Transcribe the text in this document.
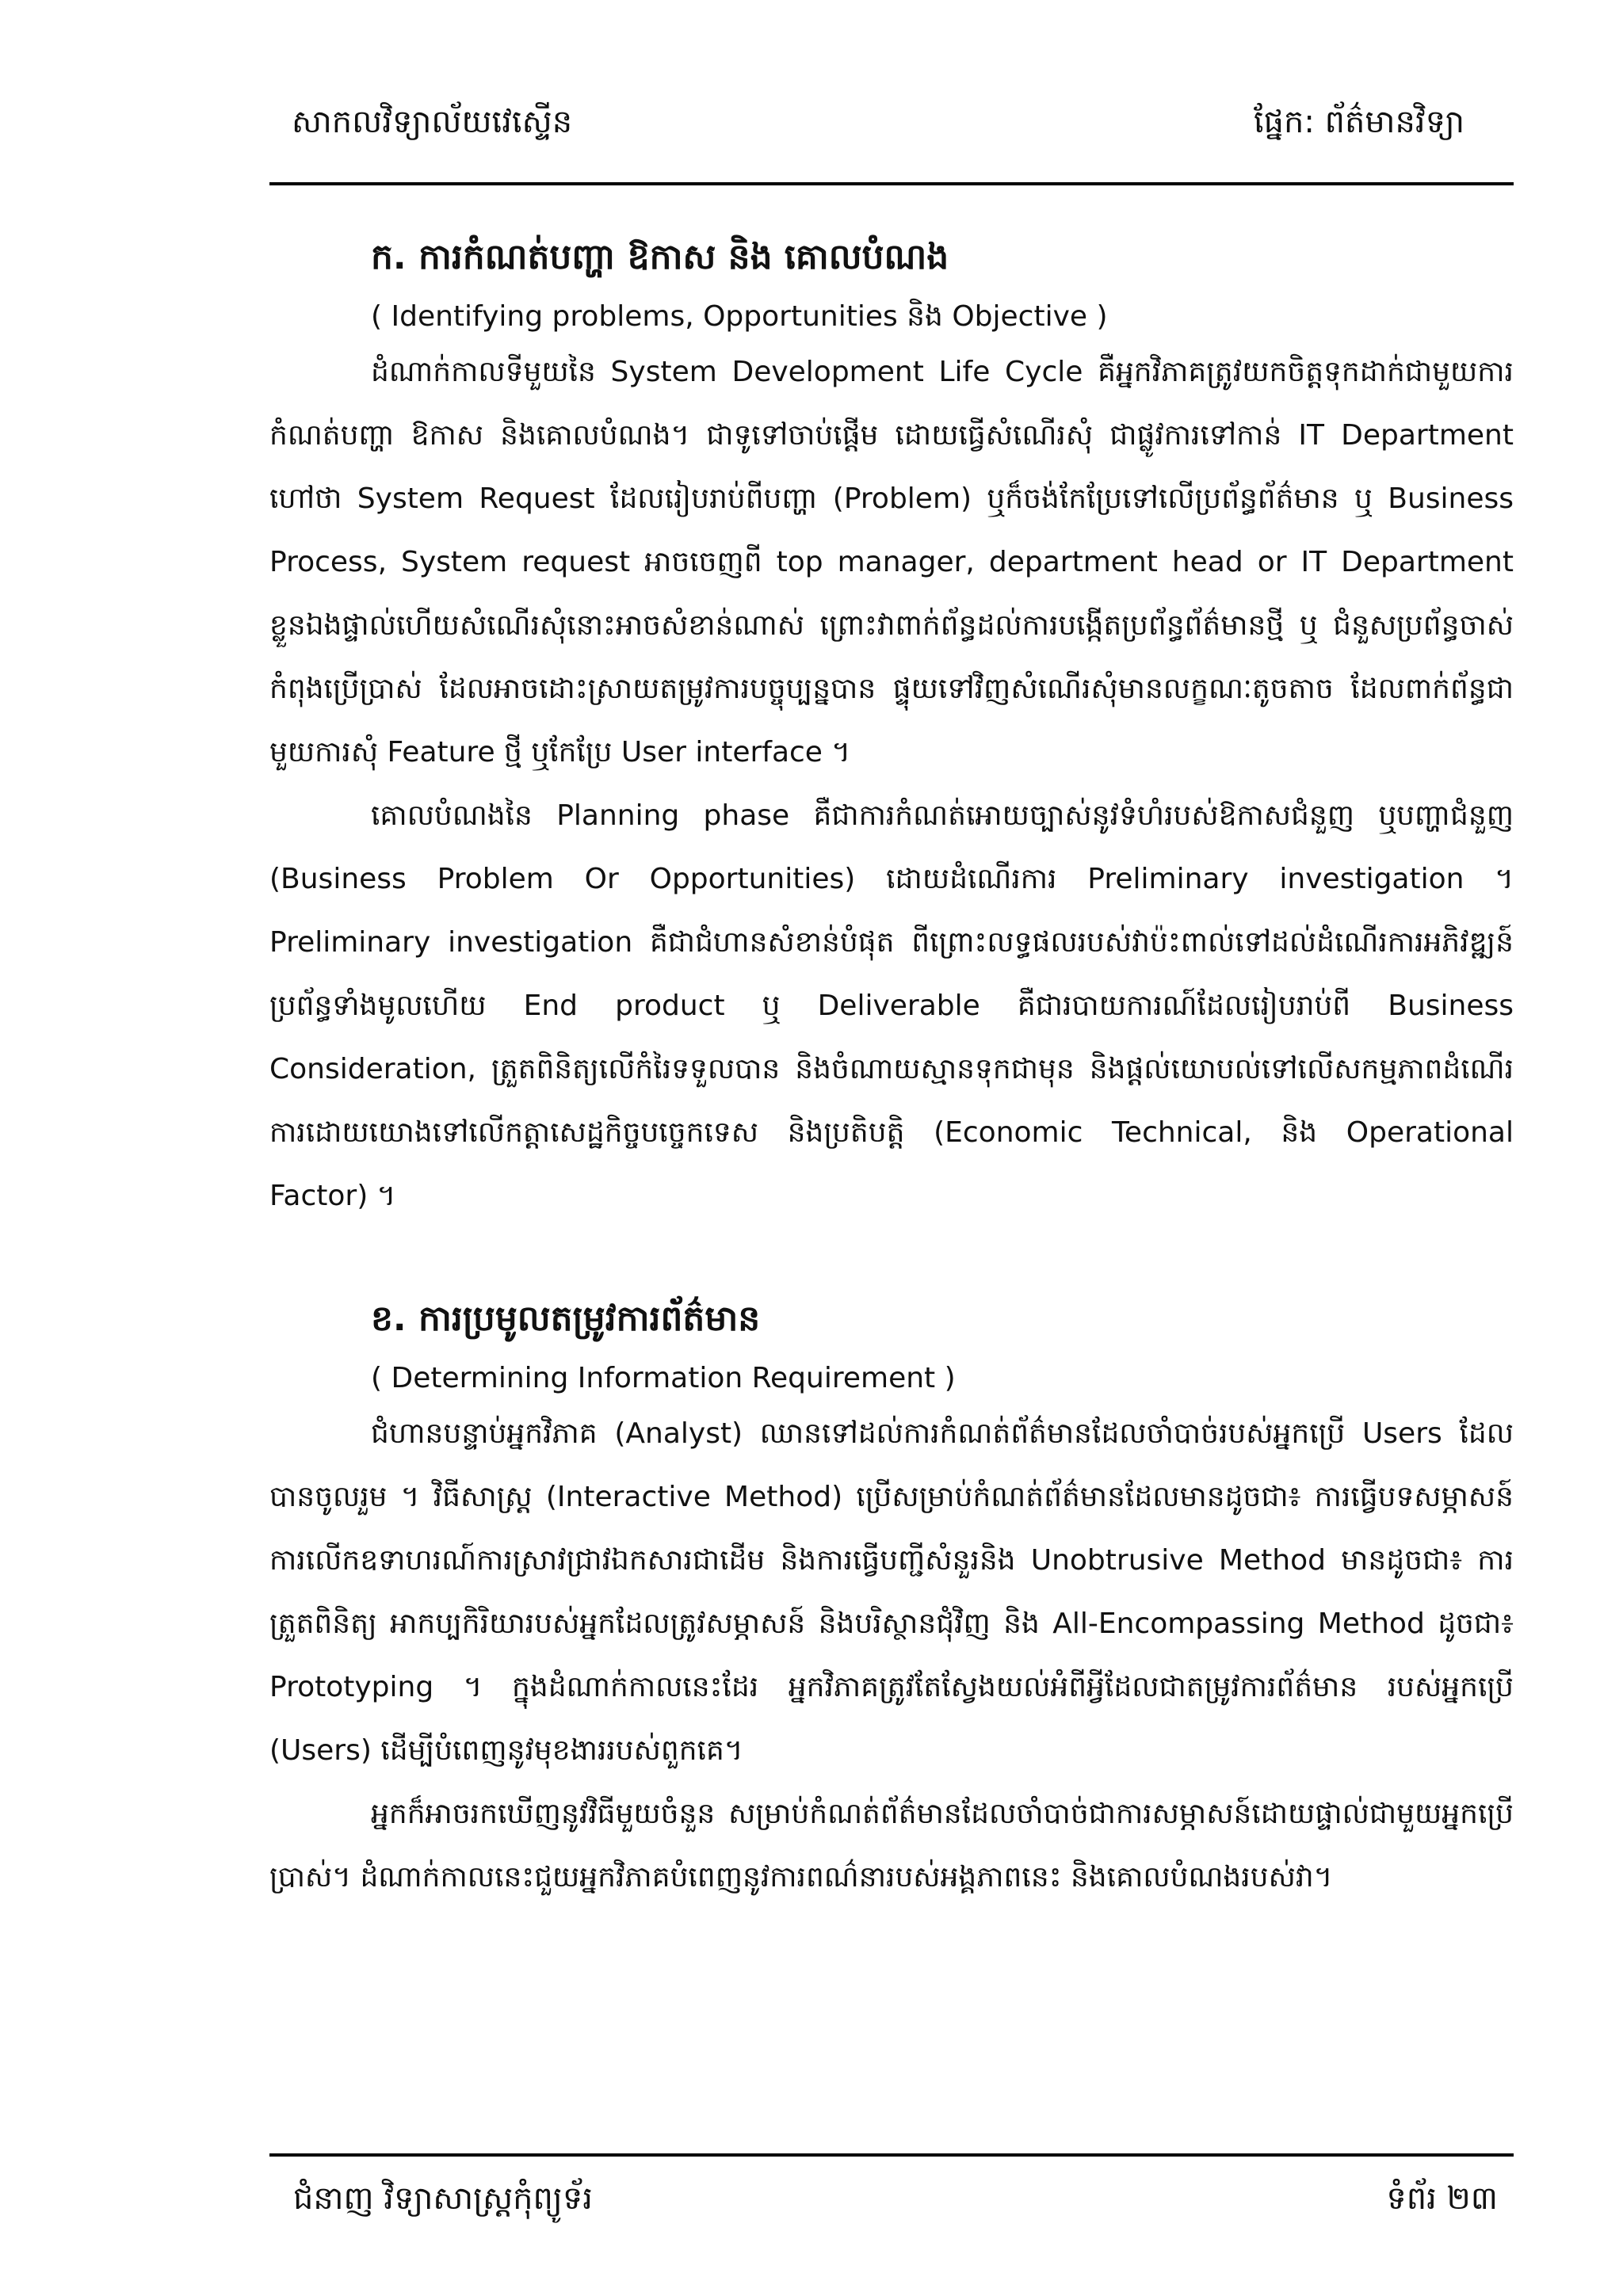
សាកលវិទ្យាល័យវេស្ទើន	ផ្នែក: ព័ត៌មានវិទ្យា
ក. ការកំណត់បញ្ហា ឱកាស និង គោលបំណង
( Identifying problems, Opportunities និង Objective )

ដំណាក់កាលទីមួយនៃ System Development Life Cycle គឺអ្នកវិភាគត្រូវយកចិត្តទុកដាក់ជាមួយការកំណត់បញ្ហា ឱកាស និងគោលបំណង។ ជាទូទៅចាប់ផ្តើម ដោយធ្វើសំណើរសុំ ជាផ្លូវការទៅកាន់ IT Department ហៅថា System Request ដែលរៀបរាប់ពីបញ្ហា (Problem) ឬក៏ចង់កែប្រែទៅលើប្រព័ន្ធព័ត៌មាន ឬ Business Process, System request អាចចេញពី top manager, department head or IT Department ខ្លួនឯងផ្ទាល់ហើយសំណើរសុំនោះអាចសំខាន់ណាស់ ព្រោះវាពាក់ព័ន្ធដល់ការបង្កើតប្រព័ន្ធព័ត៌មានថ្មី ឬ ជំនួសប្រព័ន្ធចាស់កំពុងប្រើប្រាស់ ដែលអាចដោះស្រាយតម្រូវការបច្ចុប្បន្នបាន ផ្ទុយទៅវិញសំណើរសុំមានលក្ខណៈតូចតាច ដែលពាក់ព័ន្ធជាមួយការសុំ Feature ថ្មី ឬកែប្រែ User interface ។

គោលបំណងនៃ Planning phase គឺជាការកំណត់អោយច្បាស់នូវទំហំរបស់ឱកាសជំនួញ ឬបញ្ហាជំនួញ (Business Problem Or Opportunities) ដោយដំណើរការ Preliminary investigation ។ Preliminary investigation គឺជាជំហានសំខាន់បំផុត ពីព្រោះលទ្ធផលរបស់វាប៉ះពាល់ទៅដល់ដំណើរការអភិវឌ្ឍន៍ប្រព័ន្ធទាំងមូលហើយ End product ឬ Deliverable គឺជារបាយការណ៍ដែលរៀបរាប់ពី Business Consideration, ត្រួតពិនិត្យលើកំរៃទទួលបាន និងចំណាយស្មានទុកជាមុន និងផ្តល់យោបល់ទៅលើសកម្មភាពដំណើរការដោយយោងទៅលើកត្តាសេដ្ឋកិច្ចបច្ចេកទេស និងប្រតិបត្តិ (Economic Technical, និង Operational Factor) ។

ខ. ការប្រមូលតម្រូវការព័ត៌មាន
( Determining Information Requirement )

ជំហានបន្ទាប់អ្នកវិភាគ (Analyst) ឈានទៅដល់ការកំណត់ព័ត៌មានដែលចាំបាច់របស់អ្នកប្រើ Users ដែលបានចូលរួម ។ វិធីសាស្ត្រ (Interactive Method) ប្រើសម្រាប់កំណត់ព័ត៌មានដែលមានដូចជា៖ ការធ្វើបទសម្ភាសន៍ ការលើកឧទាហរណ៍ការស្រាវជ្រាវឯកសារជាដើម និងការធ្វើបញ្ជីសំនួរនិង Unobtrusive Method មានដូចជា៖ ការត្រួតពិនិត្យ អាកប្បកិរិយារបស់អ្នកដែលត្រូវសម្ភាសន៍ និងបរិស្ថានជុំវិញ និង All-Encompassing Method ដូចជា៖ Prototyping ។ ក្នុងដំណាក់កាលនេះដែរ អ្នកវិភាគត្រូវតែស្វែងយល់អំពីអ្វីដែលជាតម្រូវការព័ត៌មាន របស់អ្នកប្រើ (Users) ដើម្បីបំពេញនូវមុខងាររបស់ពួកគេ។

អ្នកក៏អាចរកឃើញនូវវិធីមួយចំនួន សម្រាប់កំណត់ព័ត៌មានដែលចាំបាច់ជាការសម្ភាសន៍ដោយផ្ទាល់ជាមួយអ្នកប្រើប្រាស់។ ដំណាក់កាលនេះជួយអ្នកវិភាគបំពេញនូវការពណ៌នារបស់អង្គភាពនេះ និងគោលបំណងរបស់វា។

ជំនាញ វិទ្យាសាស្ត្រកុំព្យូទ័រ	ទំព័រ ២៣
